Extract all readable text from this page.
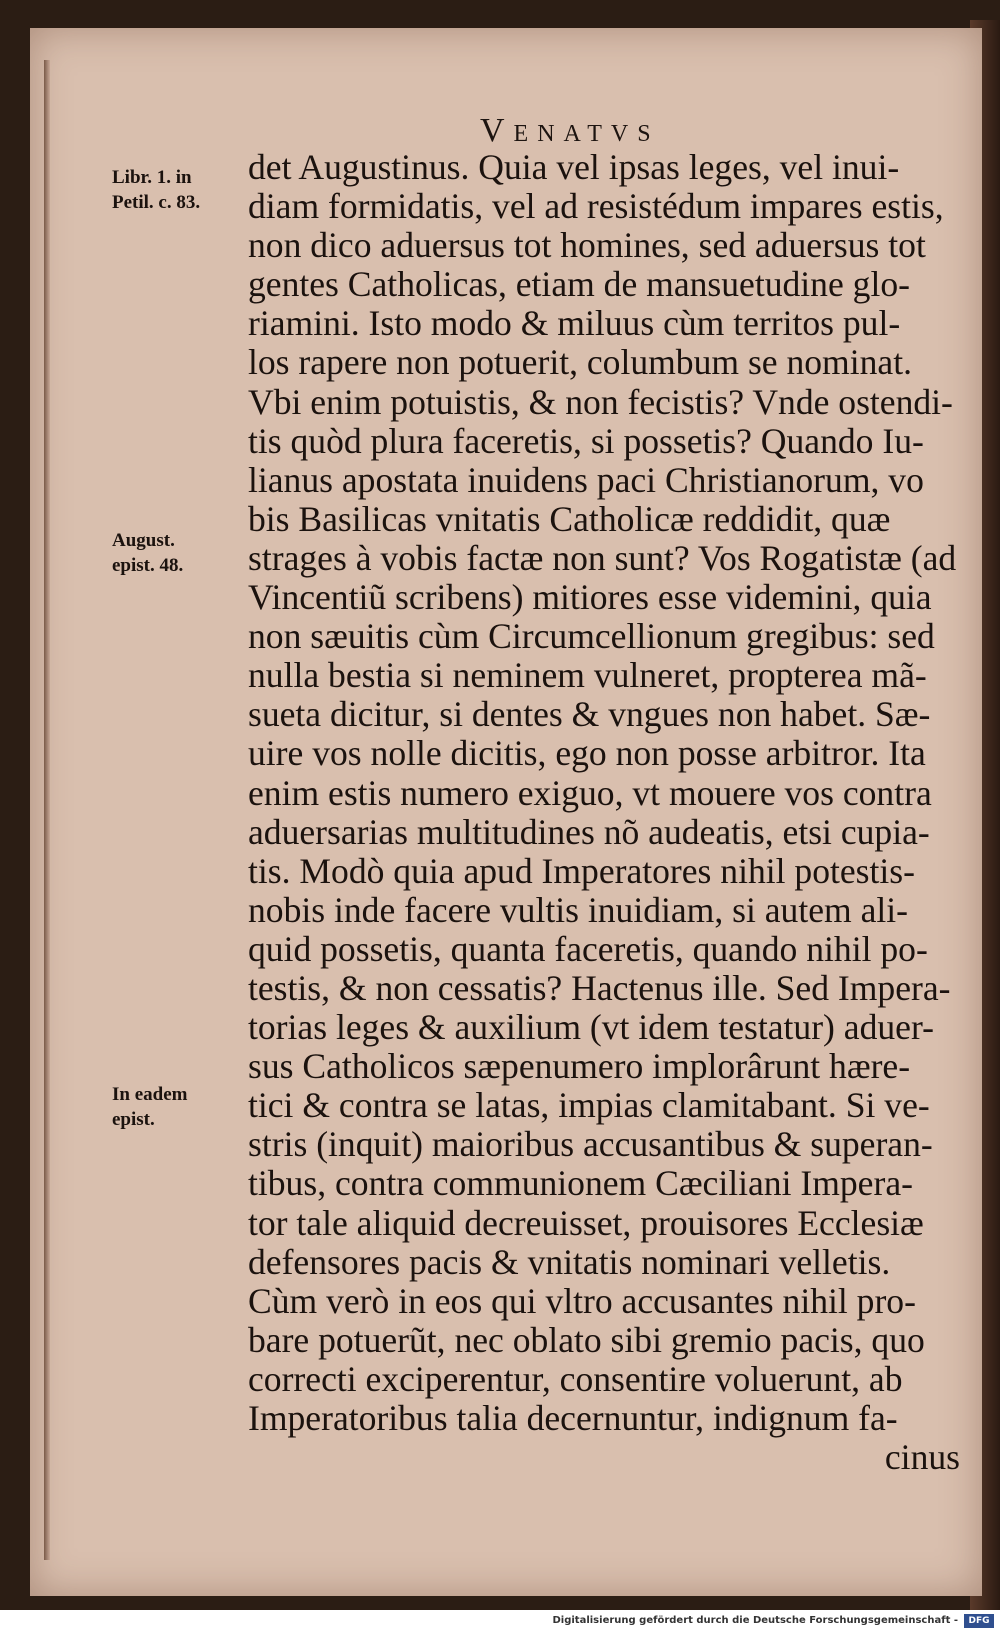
Venatvs
Libr. 1. in
Petil. c. 83.
August.
epist. 48.
In eadem
epist.
det Augustinus. Quia vel ipsas leges, vel inui-
diam formidatis, vel ad resistédum impares estis,
non dico aduersus tot homines, sed aduersus tot
gentes Catholicas, etiam de mansuetudine glo-
riamini. Isto modo & miluus cùm territos pul-
los rapere non potuerit, columbum se nominat.
Vbi enim potuistis, & non fecistis? Vnde ostendi-
tis quòd plura faceretis, si possetis? Quando Iu-
lianus apostata inuidens paci Christianorum, vo
bis Basilicas vnitatis Catholicæ reddidit, quæ
strages à vobis factæ non sunt? Vos Rogatistæ (ad
Vincentiũ scribens) mitiores esse videmini, quia
non sæuitis cùm Circumcellionum gregibus: sed
nulla bestia si neminem vulneret, propterea mã-
sueta dicitur, si dentes & vngues non habet. Sæ-
uire vos nolle dicitis, ego non posse arbitror. Ita
enim estis numero exiguo, vt mouere vos contra
aduersarias multitudines nõ audeatis, etsi cupia-
tis. Modò quia apud Imperatores nihil potestis-
nobis inde facere vultis inuidiam, si autem ali-
quid possetis, quanta faceretis, quando nihil po-
testis, & non cessatis? Hactenus ille. Sed Impera-
torias leges & auxilium (vt idem testatur) aduer-
sus Catholicos sæpenumero implorârunt hære-
tici & contra se latas, impias clamitabant. Si ve-
stris (inquit) maioribus accusantibus & superan-
tibus, contra communionem Cæciliani Impera-
tor tale aliquid decreuisset, prouisores Ecclesiæ
defensores pacis & vnitatis nominari velletis.
Cùm verò in eos qui vltro accusantes nihil pro-
bare potuerũt, nec oblato sibi gremio pacis, quo
correcti exciperentur, consentire voluerunt, ab
Imperatoribus talia decernuntur, indignum fa-
cinus
Digitalisierung gefördert durch die Deutsche Forschungsgemeinschaft -	DFG
